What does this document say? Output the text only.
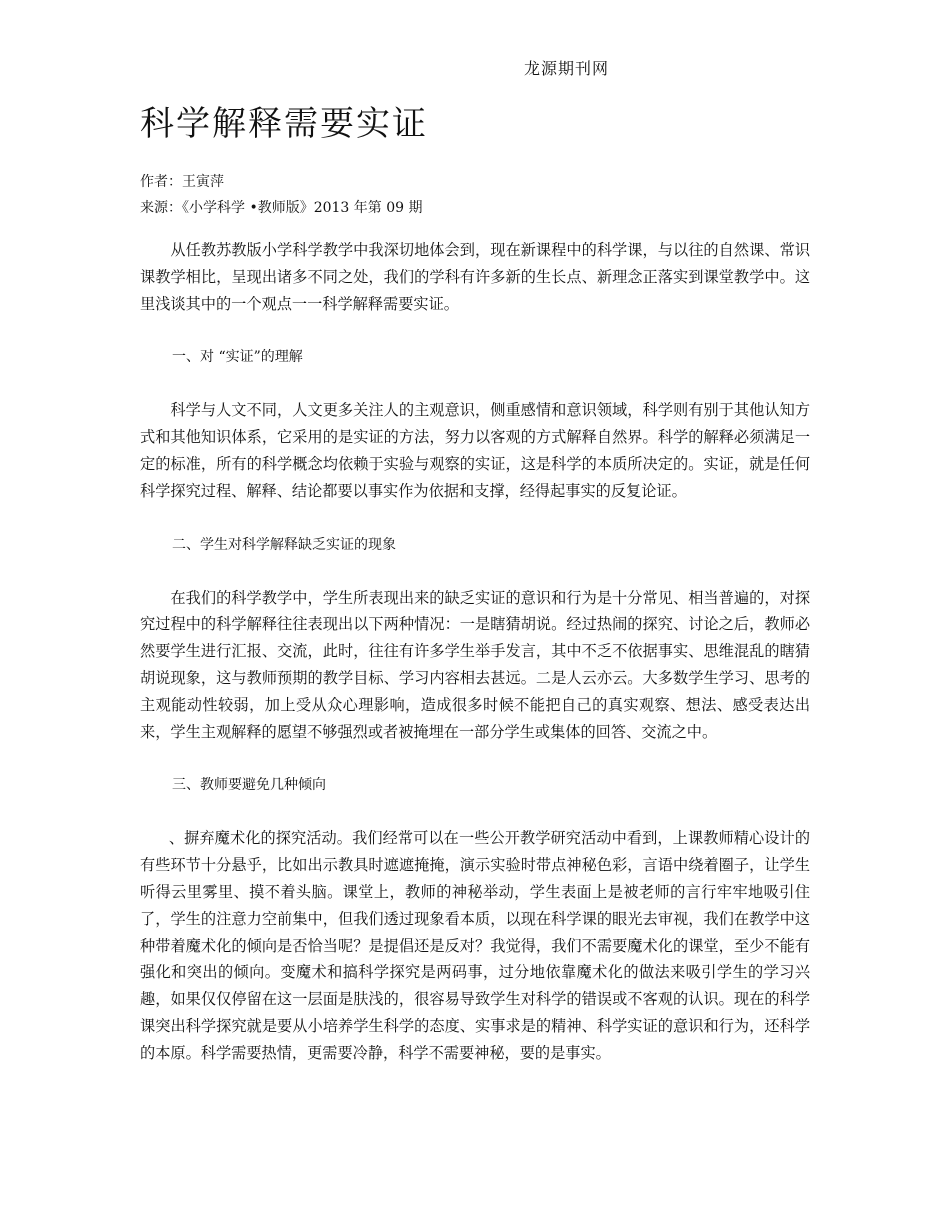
龙源期刊网
科学解释需要实证
作者：王寅萍
来源：《小学科学 •教师版》2013 年第 09 期

从任教苏教版小学科学教学中我深切地体会到，现在新课程中的科学课，与以往的自然课、常识课教学相比，呈现出诸多不同之处，我们的学科有许多新的生长点、新理念正落实到课堂教学中。这里浅谈其中的一个观点一一科学解释需要实证。

一、对 “实证”的理解

科学与人文不同，人文更多关注人的主观意识，侧重感情和意识领域，科学则有别于其他认知方式和其他知识体系，它采用的是实证的方法，努力以客观的方式解释自然界。科学的解释必须满足一定的标准，所有的科学概念均依赖于实验与观察的实证，这是科学的本质所决定的。实证，就是任何科学探究过程、解释、结论都要以事实作为依据和支撑，经得起事实的反复论证。

二、学生对科学解释缺乏实证的现象

在我们的科学教学中，学生所表现出来的缺乏实证的意识和行为是十分常见、相当普遍的，对探究过程中的科学解释往往表现出以下两种情况：一是瞎猜胡说。经过热闹的探究、讨论之后，教师必然要学生进行汇报、交流，此时，往往有许多学生举手发言，其中不乏不依据事实、思维混乱的瞎猜胡说现象，这与教师预期的教学目标、学习内容相去甚远。二是人云亦云。大多数学生学习、思考的主观能动性较弱，加上受从众心理影响，造成很多时候不能把自己的真实观察、想法、感受表达出来，学生主观解释的愿望不够强烈或者被掩埋在一部分学生或集体的回答、交流之中。

三、教师要避免几种倾向

、摒弃魔术化的探究活动。我们经常可以在一些公开教学研究活动中看到，上课教师精心设计的有些环节十分悬乎，比如出示教具时遮遮掩掩，演示实验时带点神秘色彩，言语中绕着圈子，让学生听得云里雾里、摸不着头脑。课堂上，教师的神秘举动，学生表面上是被老师的言行牢牢地吸引住了，学生的注意力空前集中，但我们透过现象看本质，以现在科学课的眼光去审视，我们在教学中这种带着魔术化的倾向是否恰当呢？是提倡还是反对？我觉得，我们不需要魔术化的课堂，至少不能有强化和突出的倾向。变魔术和搞科学探究是两码事，过分地依靠魔术化的做法来吸引学生的学习兴趣，如果仅仅停留在这一层面是肤浅的，很容易导致学生对科学的错误或不客观的认识。现在的科学课突出科学探究就是要从小培养学生科学的态度、实事求是的精神、科学实证的意识和行为，还科学的本原。科学需要热情，更需要冷静，科学不需要神秘，要的是事实。
